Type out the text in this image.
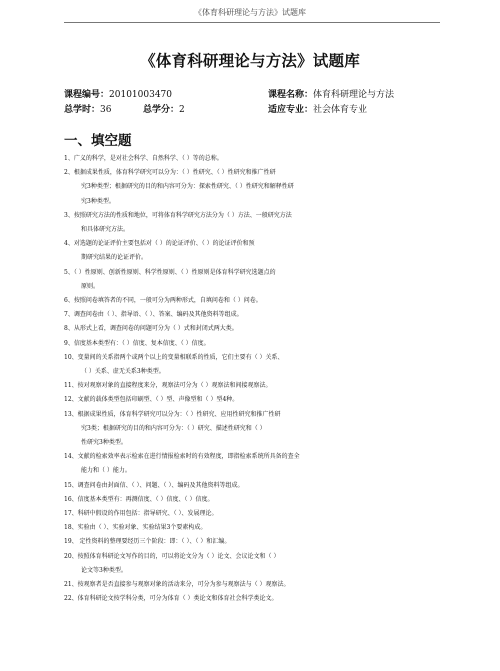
《体育科研理论与方法》试题库
《体育科研理论与方法》试题库
课程编号：20101003470	课程名称：体育科研理论与方法
总学时：36	总学分：2	适应专业：社会体育专业
一、填空题
1、广义的科学，是对社会科学、自然科学、（ ）等的总称。
2、根据成果性质，体育科学研究可以分为：（ ）性研究、（ ）性研究和推广性研
究3种类型；根据研究的目的和内容可分为：探索性研究、（ ）性研究和解释性研
究3种类型。
3、按照研究方法的性质和地位，可将体育科学研究方法分为（ ）方法、一般研究方法
和具体研究方法。
4、对选题的论证评价主要包括对（ ）的论证评价、（ ）的论证评价和预
期研究结果的论证评价。
5、（ ）性原则、创新性原则、科学性原则、（ ）性原则是体育科学研究选题点的
原则。
6、按照问卷填答者的不同，一般可分为两种形式，自填问卷和（ ）问卷。
7、调查问卷由（ ）、指导语、（ ）、答案、编码及其他资料等组成。
8、从形式上看，调查问卷的问题可分为（ ）式和封闭式两大类。
9、信度基本类型有：（ ）信度、复本信度、（ ）信度。
10、变量间的关系指两个或两个以上的变量相联系的性质，它们主要有（ ）关系、
（ ）关系、虚无关系3种类型。
11、按对观察对象的直接程度来分，观察法可分为（ ）观察法和间接观察法。
12、文献的载体类型包括印刷型、（ ）型、声像型和（ ）型4种。
13、根据成果性质，体育科学研究可以分为：（ ）性研究、应用性研究和推广性研
究3类；根据研究的目的和内容可分为：（ ）研究、描述性研究和（ ）
性研究3种类型。
14、文献的检索效率表示检索在进行情报检索时的有效程度，即指检索系统所具备的查全
能力和（ ）能力。
15、调查问卷由封面信、（ ）、问题、（ ）、编码及其他资料等组成。
16、信度基本类型有：再测信度、（ ）信度、（ ）信度。
17、科研中假设的作用包括：指导研究、（ ）、发展理论。
18、实验由（ ）、实验对象、实验结果3个要素构成。
19、 定性资料的整理要经历三个阶段：即：（ ）、（ ）和汇编。
20、按照体育科研论文写作的目的，可以将论文分为（ ）论文、会议论文和（ ）
论文等3种类型。
21、按观察者是否直接参与观察对象的活动来分，可分为参与观察法与（ ）观察法。
22、体育科研论文按学科分类，可分为体育（ ）类论文和体育社会科学类论文。
